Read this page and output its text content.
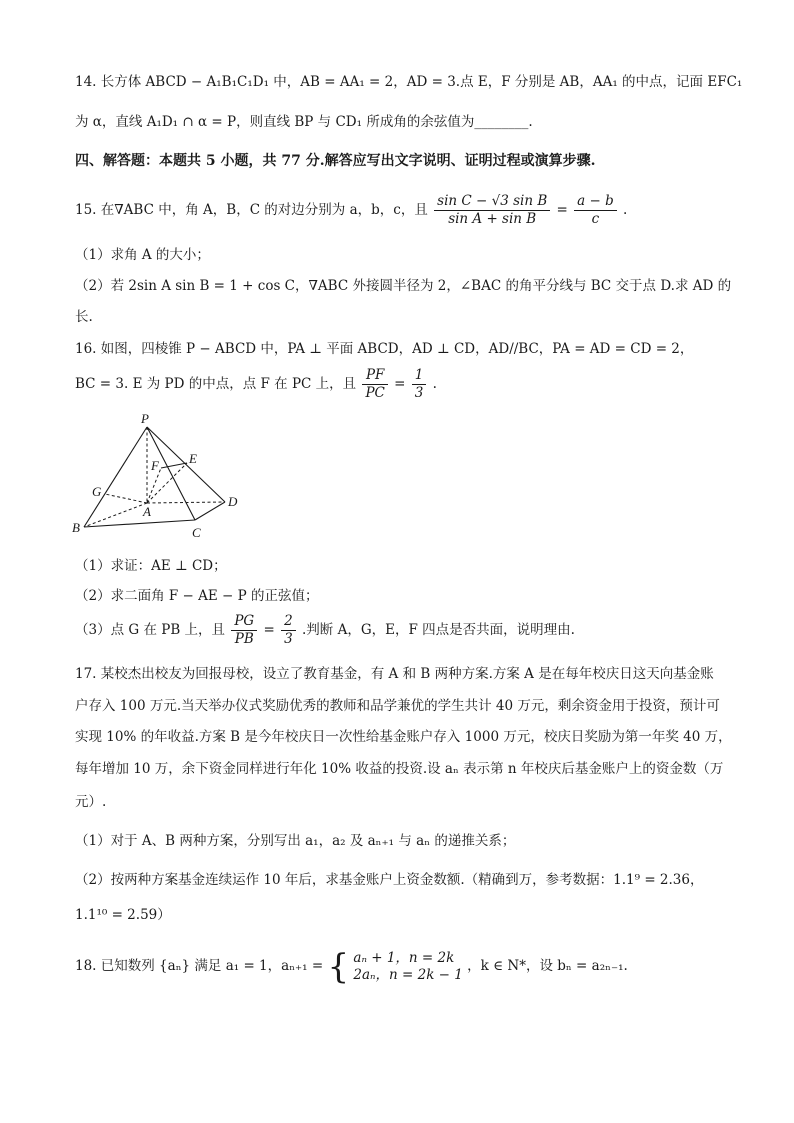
14. 长方体 ABCD − A₁B₁C₁D₁ 中，AB = AA₁ = 2，AD = 3.点 E，F 分别是 AB，AA₁ 的中点，记面 EFC₁
为 α，直线 A₁D₁ ∩ α = P，则直线 BP 与 CD₁ 所成角的余弦值为________.
四、解答题：本题共 5 小题，共 77 分.解答应写出文字说明、证明过程或演算步骤.
15. 在∇ABC 中，角 A，B，C 的对边分别为 a，b，c，且 $\frac{\text{sin C − √3 sin B}}{\text{sin A + sin B}} = \frac{a - b}{c}$ .
（1）求角 A 的大小；
（2）若 2sin A sin B = 1 + cos C，∇ABC 外接圆半径为 2，∠BAC 的角平分线与 BC 交于点 D.求 AD 的
长.
16. 如图，四棱锥 P − ABCD 中，PA ⊥ 平面 ABCD，AD ⊥ CD，AD//BC，PA = AD = CD = 2，
BC = 3. E 为 PD 的中点，点 F 在 PC 上，且 $\frac{PF}{PC} = \frac{1}{3}$ .
P
E
F
G
A
D
B	C
（1）求证：AE ⊥ CD；
（2）求二面角 F − AE − P 的正弦值；
（3）点 G 在 PB 上，且 $\frac{PG}{PB} = \frac{2}{3}$ .判断 A，G，E，F 四点是否共面，说明理由.
17. 某校杰出校友为回报母校，设立了教育基金，有 A 和 B 两种方案.方案 A 是在每年校庆日这天向基金账
户存入 100 万元.当天举办仪式奖励优秀的教师和品学兼优的学生共计 40 万元，剩余资金用于投资，预计可
实现 10% 的年收益.方案 B 是今年校庆日一次性给基金账户存入 1000 万元，校庆日奖励为第一年奖 40 万，
每年增加 10 万，余下资金同样进行年化 10% 收益的投资.设 aₙ 表示第 n 年校庆后基金账户上的资金数（万
元）.
（1）对于 A、B 两种方案，分别写出 a₁，a₂ 及 aₙ₊₁ 与 aₙ 的递推关系；
（2）按两种方案基金连续运作 10 年后，求基金账户上资金数额.（精确到万，参考数据：1.1⁹ = 2.36，
1.1¹⁰ = 2.59）
18. 已知数列 {aₙ} 满足 a₁ = 1，aₙ₊₁ = { aₙ + 1，n = 2k
2aₙ，n = 2k − 1
，k ∈ N*，设 bₙ = a₂ₙ₋₁.
